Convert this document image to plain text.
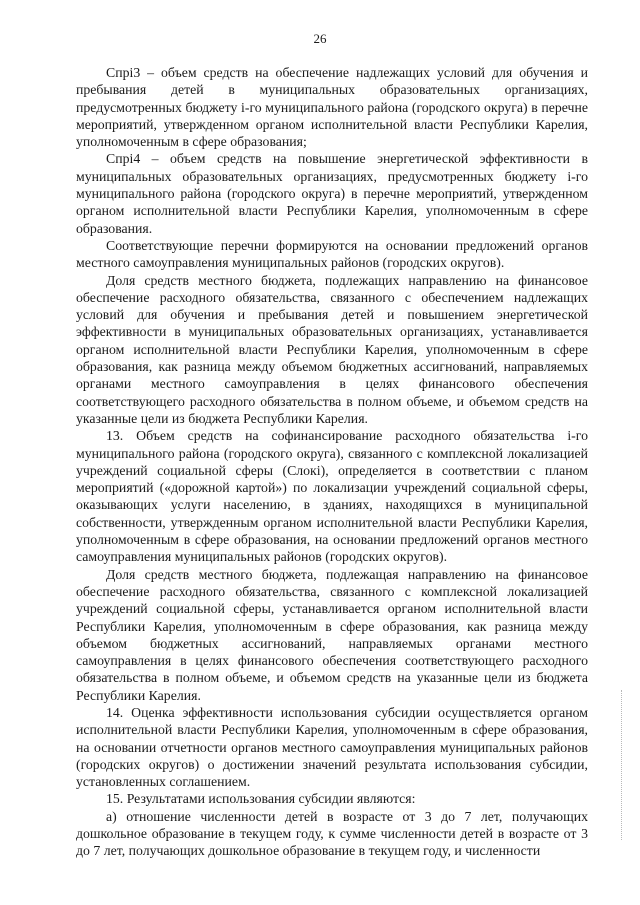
26

Спрi3 – объем средств на обеспечение надлежащих условий для обучения и пребывания детей в муниципальных образовательных организациях, предусмотренных бюджету i-го муниципального района (городского округа) в перечне мероприятий, утвержденном органом исполнительной власти Республики Карелия, уполномоченным в сфере образования;

Спрi4 – объем средств на повышение энергетической эффективности в муниципальных образовательных организациях, предусмотренных бюджету i-го муниципального района (городского округа) в перечне мероприятий, утвержденном органом исполнительной власти Республики Карелия, уполномоченным в сфере образования.

Соответствующие перечни формируются на основании предложений органов местного самоуправления муниципальных районов (городских округов).

Доля средств местного бюджета, подлежащих направлению на финансовое обеспечение расходного обязательства, связанного с обеспечением надлежащих условий для обучения и пребывания детей и повышением энергетической эффективности в муниципальных образовательных организациях, устанавливается органом исполнительной власти Республики Карелия, уполномоченным в сфере образования, как разница между объемом бюджетных ассигнований, направляемых органами местного самоуправления в целях финансового обеспечения соответствующего расходного обязательства в полном объеме, и объемом средств на указанные цели из бюджета Республики Карелия.

13. Объем средств на софинансирование расходного обязательства i-го муниципального района (городского округа), связанного с комплексной локализацией учреждений социальной сферы (Слокi), определяется в соответствии с планом мероприятий («дорожной картой») по локализации учреждений социальной сферы, оказывающих услуги населению, в зданиях, находящихся в муниципальной собственности, утвержденным органом исполнительной власти Республики Карелия, уполномоченным в сфере образования, на основании предложений органов местного самоуправления муниципальных районов (городских округов).

Доля средств местного бюджета, подлежащая направлению на финансовое обеспечение расходного обязательства, связанного с комплексной локализацией учреждений социальной сферы, устанавливается органом исполнительной власти Республики Карелия, уполномоченным в сфере образования, как разница между объемом бюджетных ассигнований, направляемых органами местного самоуправления в целях финансового обеспечения соответствующего расходного обязательства в полном объеме, и объемом средств на указанные цели из бюджета Республики Карелия.

14. Оценка эффективности использования субсидии осуществляется органом исполнительной власти Республики Карелия, уполномоченным в сфере образования, на основании отчетности органов местного самоуправления муниципальных районов (городских округов) о достижении значений результата использования субсидии, установленных соглашением.

15. Результатами использования субсидии являются:

а) отношение численности детей в возрасте от 3 до 7 лет, получающих дошкольное образование в текущем году, к сумме численности детей в возрасте от 3 до 7 лет, получающих дошкольное образование в текущем году, и численности
